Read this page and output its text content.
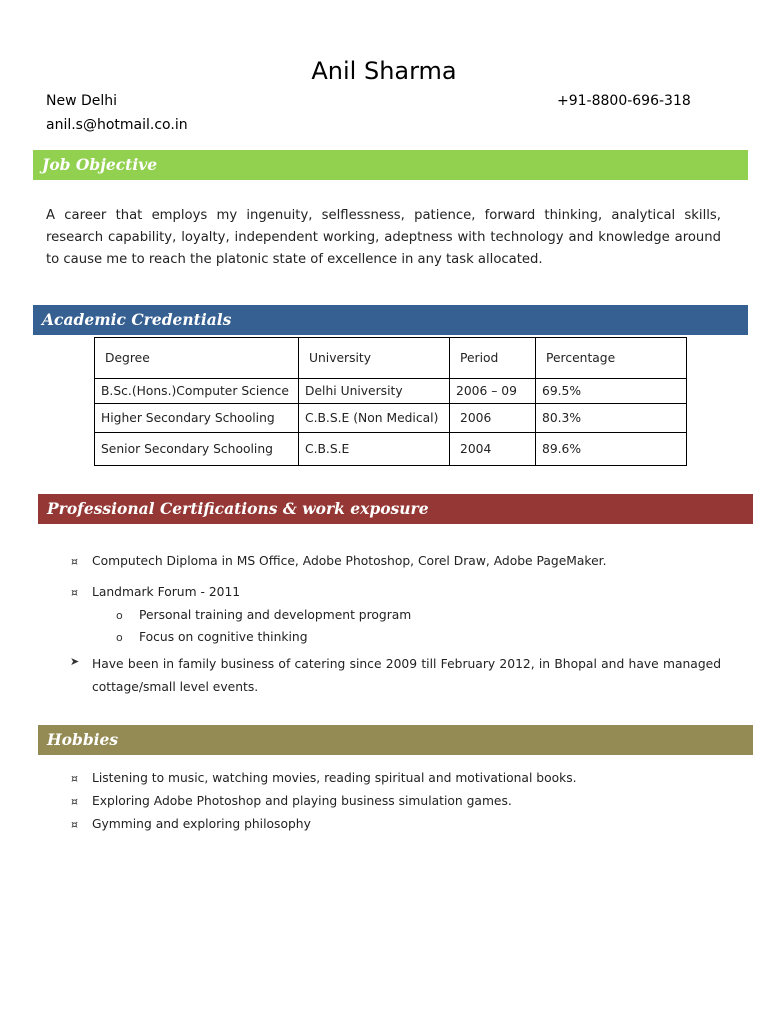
Anil Sharma
New Delhi	+91-8800-696-318
anil.s@hotmail.co.in
Job Objective
A career that employs my ingenuity, selflessness, patience, forward thinking, analytical skills, research capability, loyalty, independent working, adeptness with technology and knowledge around to cause me to reach the platonic state of excellence in any task allocated.
Academic Credentials
Degree	University	Period	Percentage
B.Sc.(Hons.)Computer Science	Delhi University	2006 – 09	69.5%
Higher Secondary Schooling	C.B.S.E (Non Medical)	2006	80.3%
Senior Secondary Schooling	C.B.S.E	2004	89.6%
Professional Certifications & work exposure
¤ Computech Diploma in MS Office, Adobe Photoshop, Corel Draw, Adobe PageMaker.
¤ Landmark Forum - 2011
o Personal training and development program
o Focus on cognitive thinking
➤ Have been in family business of catering since 2009 till February 2012, in Bhopal and have managed cottage/small level events.
Hobbies
¤ Listening to music, watching movies, reading spiritual and motivational books.
¤ Exploring Adobe Photoshop and playing business simulation games.
¤ Gymming and exploring philosophy
